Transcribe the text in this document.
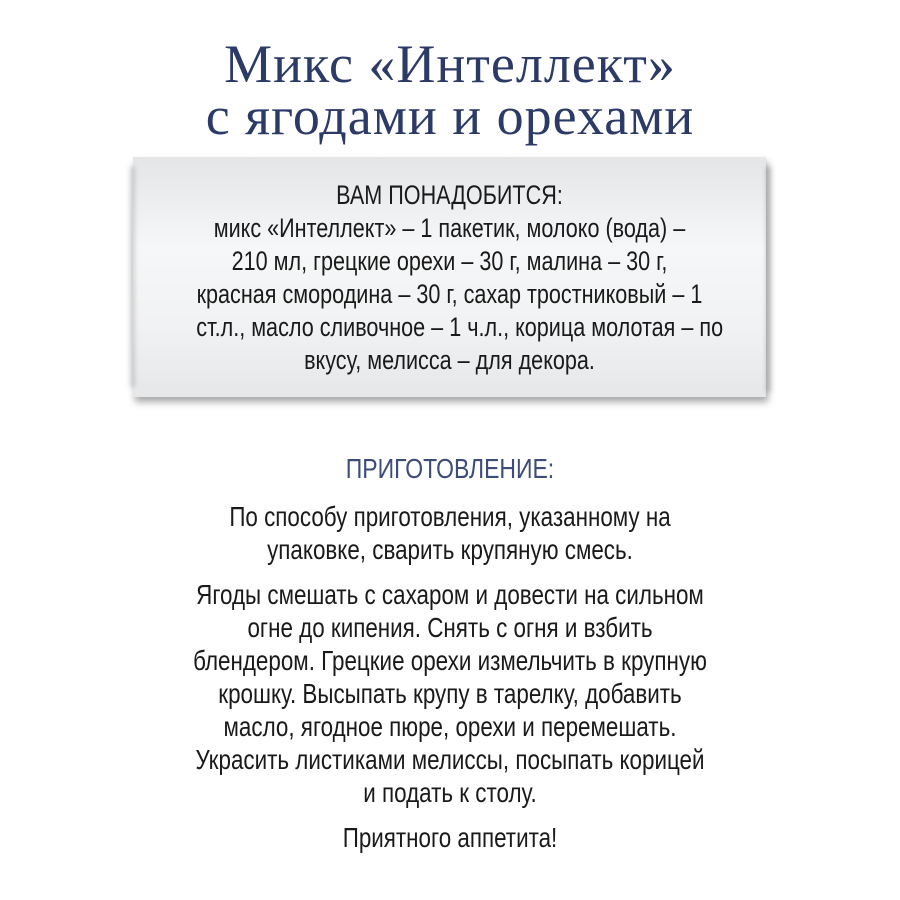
Микс «Интеллект»
с ягодами и орехами
ВАМ ПОНАДОБИТСЯ:
микс «Интеллект» – 1 пакетик, молоко (вода) –
210 мл, грецкие орехи – 30 г, малина – 30 г,
красная смородина – 30 г, сахар тростниковый – 1
ст.л., масло сливочное – 1 ч.л., корица молотая – по
вкусу, мелисса – для декора.
ПРИГОТОВЛЕНИЕ:
По способу приготовления, указанному на
упаковке, сварить крупяную смесь.
Ягоды смешать с сахаром и довести на сильном
огне до кипения. Снять с огня и взбить
блендером. Грецкие орехи измельчить в крупную
крошку. Высыпать крупу в тарелку, добавить
масло, ягодное пюре, орехи и перемешать.
Украсить листиками мелиссы, посыпать корицей
и подать к столу.
Приятного аппетита!
